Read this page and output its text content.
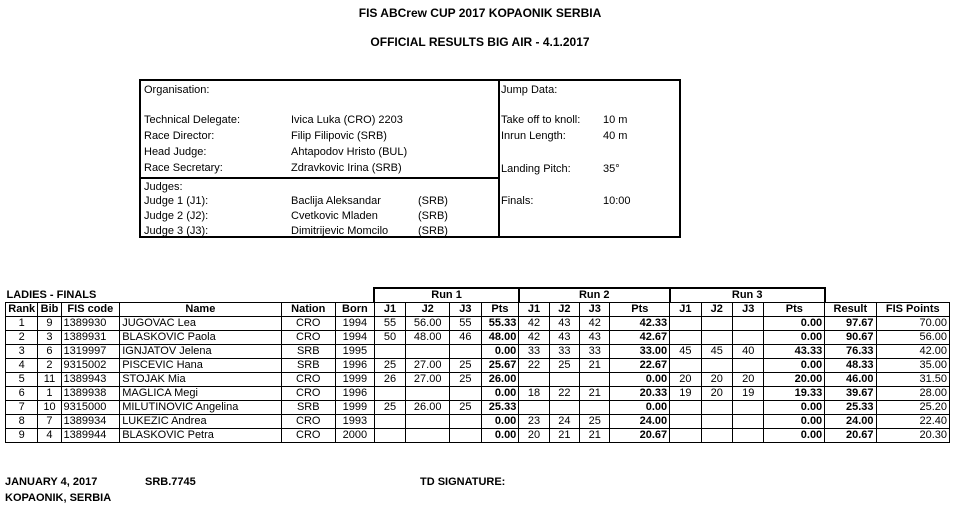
FIS ABCrew CUP 2017 KOPAONIK SERBIA
OFFICIAL RESULTS BIG AIR - 4.1.2017
Organisation:
Technical Delegate:	Ivica Luka (CRO) 2203
Race Director:	Filip Filipovic (SRB)
Head Judge:	Ahtapodov Hristo (BUL)
Race Secretary:	Zdravkovic Irina (SRB)
Judges:
Judge 1 (J1):	Baclija Aleksandar	(SRB)
Judge 2 (J2):	Cvetkovic Mladen	(SRB)
Judge 3 (J3):	Dimitrijevic Momcilo	(SRB)
Jump Data:
Take off to knoll: 10 m
Inrun Length:	40 m
Landing Pitch:	35°
Finals:	10:00
LADIES - FINALS						Run 1				Run 2				Run 3					
Rank	Bib	FIS code	Name	Nation	Born	J1	J2	J3	Pts	J1	J2	J3	Pts	J1	J2	J3	Pts	Result	FIS Points
1	9	1389930	JUGOVAC Lea	CRO	1994	55	56.00	55	55.33	42	43	42	42.33				0.00	97.67	70.00
2	3	1389931	BLASKOVIC Paola	CRO	1994	50	48.00	46	48.00	42	43	43	42.67				0.00	90.67	56.00
3	6	1319997	IGNJATOV Jelena	SRB	1995				0.00	33	33	33	33.00	45	45	40	43.33	76.33	42.00
4	2	9315002	PISCEVIC Hana	SRB	1996	25	27.00	25	25.67	22	25	21	22.67				0.00	48.33	35.00
5	11	1389943	STOJAK Mia	CRO	1999	26	27.00	25	26.00				0.00	20	20	20	20.00	46.00	31.50
6	1	1389938	MAGLICA Megi	CRO	1996				0.00	18	22	21	20.33	19	20	19	19.33	39.67	28.00
7	10	9315000	MILUTINOVIC Angelina	SRB	1999	25	26.00	25	25.33				0.00				0.00	25.33	25.20
8	7	1389934	LUKEZIC Andrea	CRO	1993				0.00	23	24	25	24.00				0.00	24.00	22.40
9	4	1389944	BLASKOVIC Petra	CRO	2000				0.00	20	21	21	20.67				0.00	20.67	20.30
JANUARY 4, 2017	SRB.7745	TD SIGNATURE:
KOPAONIK, SERBIA
